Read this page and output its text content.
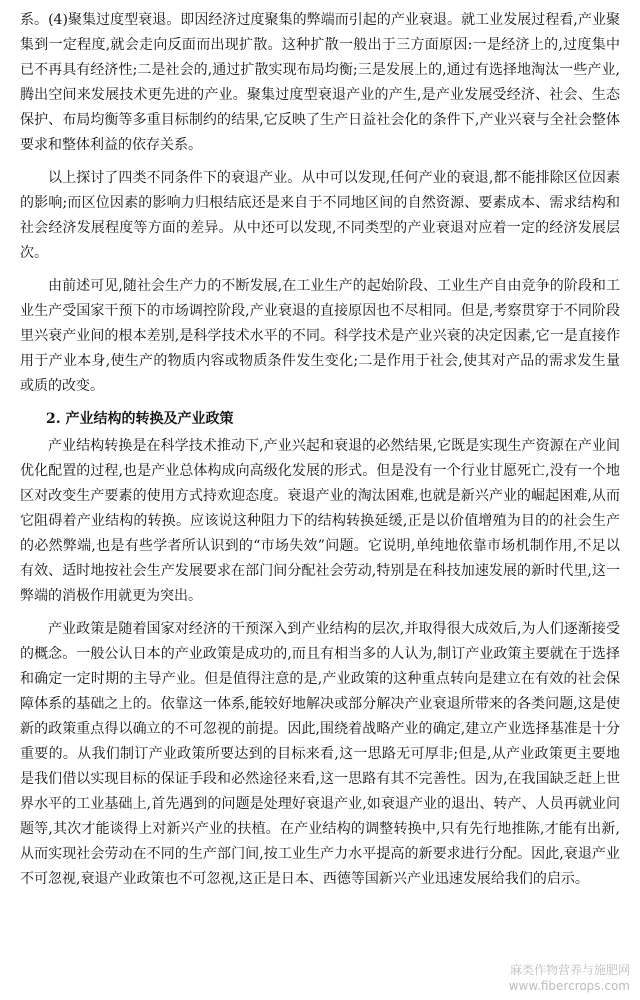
系。(4)聚集过度型衰退。即因经济过度聚集的弊端而引起的产业衰退。就工业发展过程看,产业聚集到一定程度,就会走向反面而出现扩散。这种扩散一般出于三方面原因:一是经济上的,过度集中已不再具有经济性;二是社会的,通过扩散实现布局均衡;三是发展上的,通过有选择地淘汰一些产业,腾出空间来发展技术更先进的产业。聚集过度型衰退产业的产生,是产业发展受经济、社会、生态保护、布局均衡等多重目标制约的结果,它反映了生产日益社会化的条件下,产业兴衰与全社会整体要求和整体利益的依存关系。

以上探讨了四类不同条件下的衰退产业。从中可以发现,任何产业的衰退,都不能排除区位因素的影响;而区位因素的影响力归根结底还是来自于不同地区间的自然资源、要素成本、需求结构和社会经济发展程度等方面的差异。从中还可以发现,不同类型的产业衰退对应着一定的经济发展层次。

由前述可见,随社会生产力的不断发展,在工业生产的起始阶段、工业生产自由竞争的阶段和工业生产受国家干预下的市场调控阶段,产业衰退的直接原因也不尽相同。但是,考察贯穿于不同阶段里兴衰产业间的根本差别,是科学技术水平的不同。科学技术是产业兴衰的决定因素,它一是直接作用于产业本身,使生产的物质内容或物质条件发生变化;二是作用于社会,使其对产品的需求发生量或质的改变。

2. 产业结构的转换及产业政策

产业结构转换是在科学技术推动下,产业兴起和衰退的必然结果,它既是实现生产资源在产业间优化配置的过程,也是产业总体构成向高级化发展的形式。但是没有一个行业甘愿死亡,没有一个地区对改变生产要素的使用方式持欢迎态度。衰退产业的淘汰困难,也就是新兴产业的崛起困难,从而它阻碍着产业结构的转换。应该说这种阻力下的结构转换延缓,正是以价值增殖为目的的社会生产的必然弊端,也是有些学者所认识到的“市场失效”问题。它说明,单纯地依靠市场机制作用,不足以有效、适时地按社会生产发展要求在部门间分配社会劳动,特别是在科技加速发展的新时代里,这一弊端的消极作用就更为突出。

产业政策是随着国家对经济的干预深入到产业结构的层次,并取得很大成效后,为人们逐渐接受的概念。一般公认日本的产业政策是成功的,而且有相当多的人认为,制订产业政策主要就在于选择和确定一定时期的主导产业。但是值得注意的是,产业政策的这种重点转向是建立在有效的社会保障体系的基础之上的。依靠这一体系,能较好地解决或部分解决产业衰退所带来的各类问题,这是使新的政策重点得以确立的不可忽视的前提。因此,围绕着战略产业的确定,建立产业选择基准是十分重要的。从我们制订产业政策所要达到的目标来看,这一思路无可厚非;但是,从产业政策更主要地是我们借以实现目标的保证手段和必然途径来看,这一思路有其不完善性。因为,在我国缺乏赶上世界水平的工业基础上,首先遇到的问题是处理好衰退产业,如衰退产业的退出、转产、人员再就业问题等,其次才能谈得上对新兴产业的扶植。在产业结构的调整转换中,只有先行地推陈,才能有出新,从而实现社会劳动在不同的生产部门间,按工业生产力水平提高的新要求进行分配。因此,衰退产业不可忽视,衰退产业政策也不可忽视,这正是日本、西德等国新兴产业迅速发展给我们的启示。

麻类作物营养与施肥网
www.fibercrops.com
